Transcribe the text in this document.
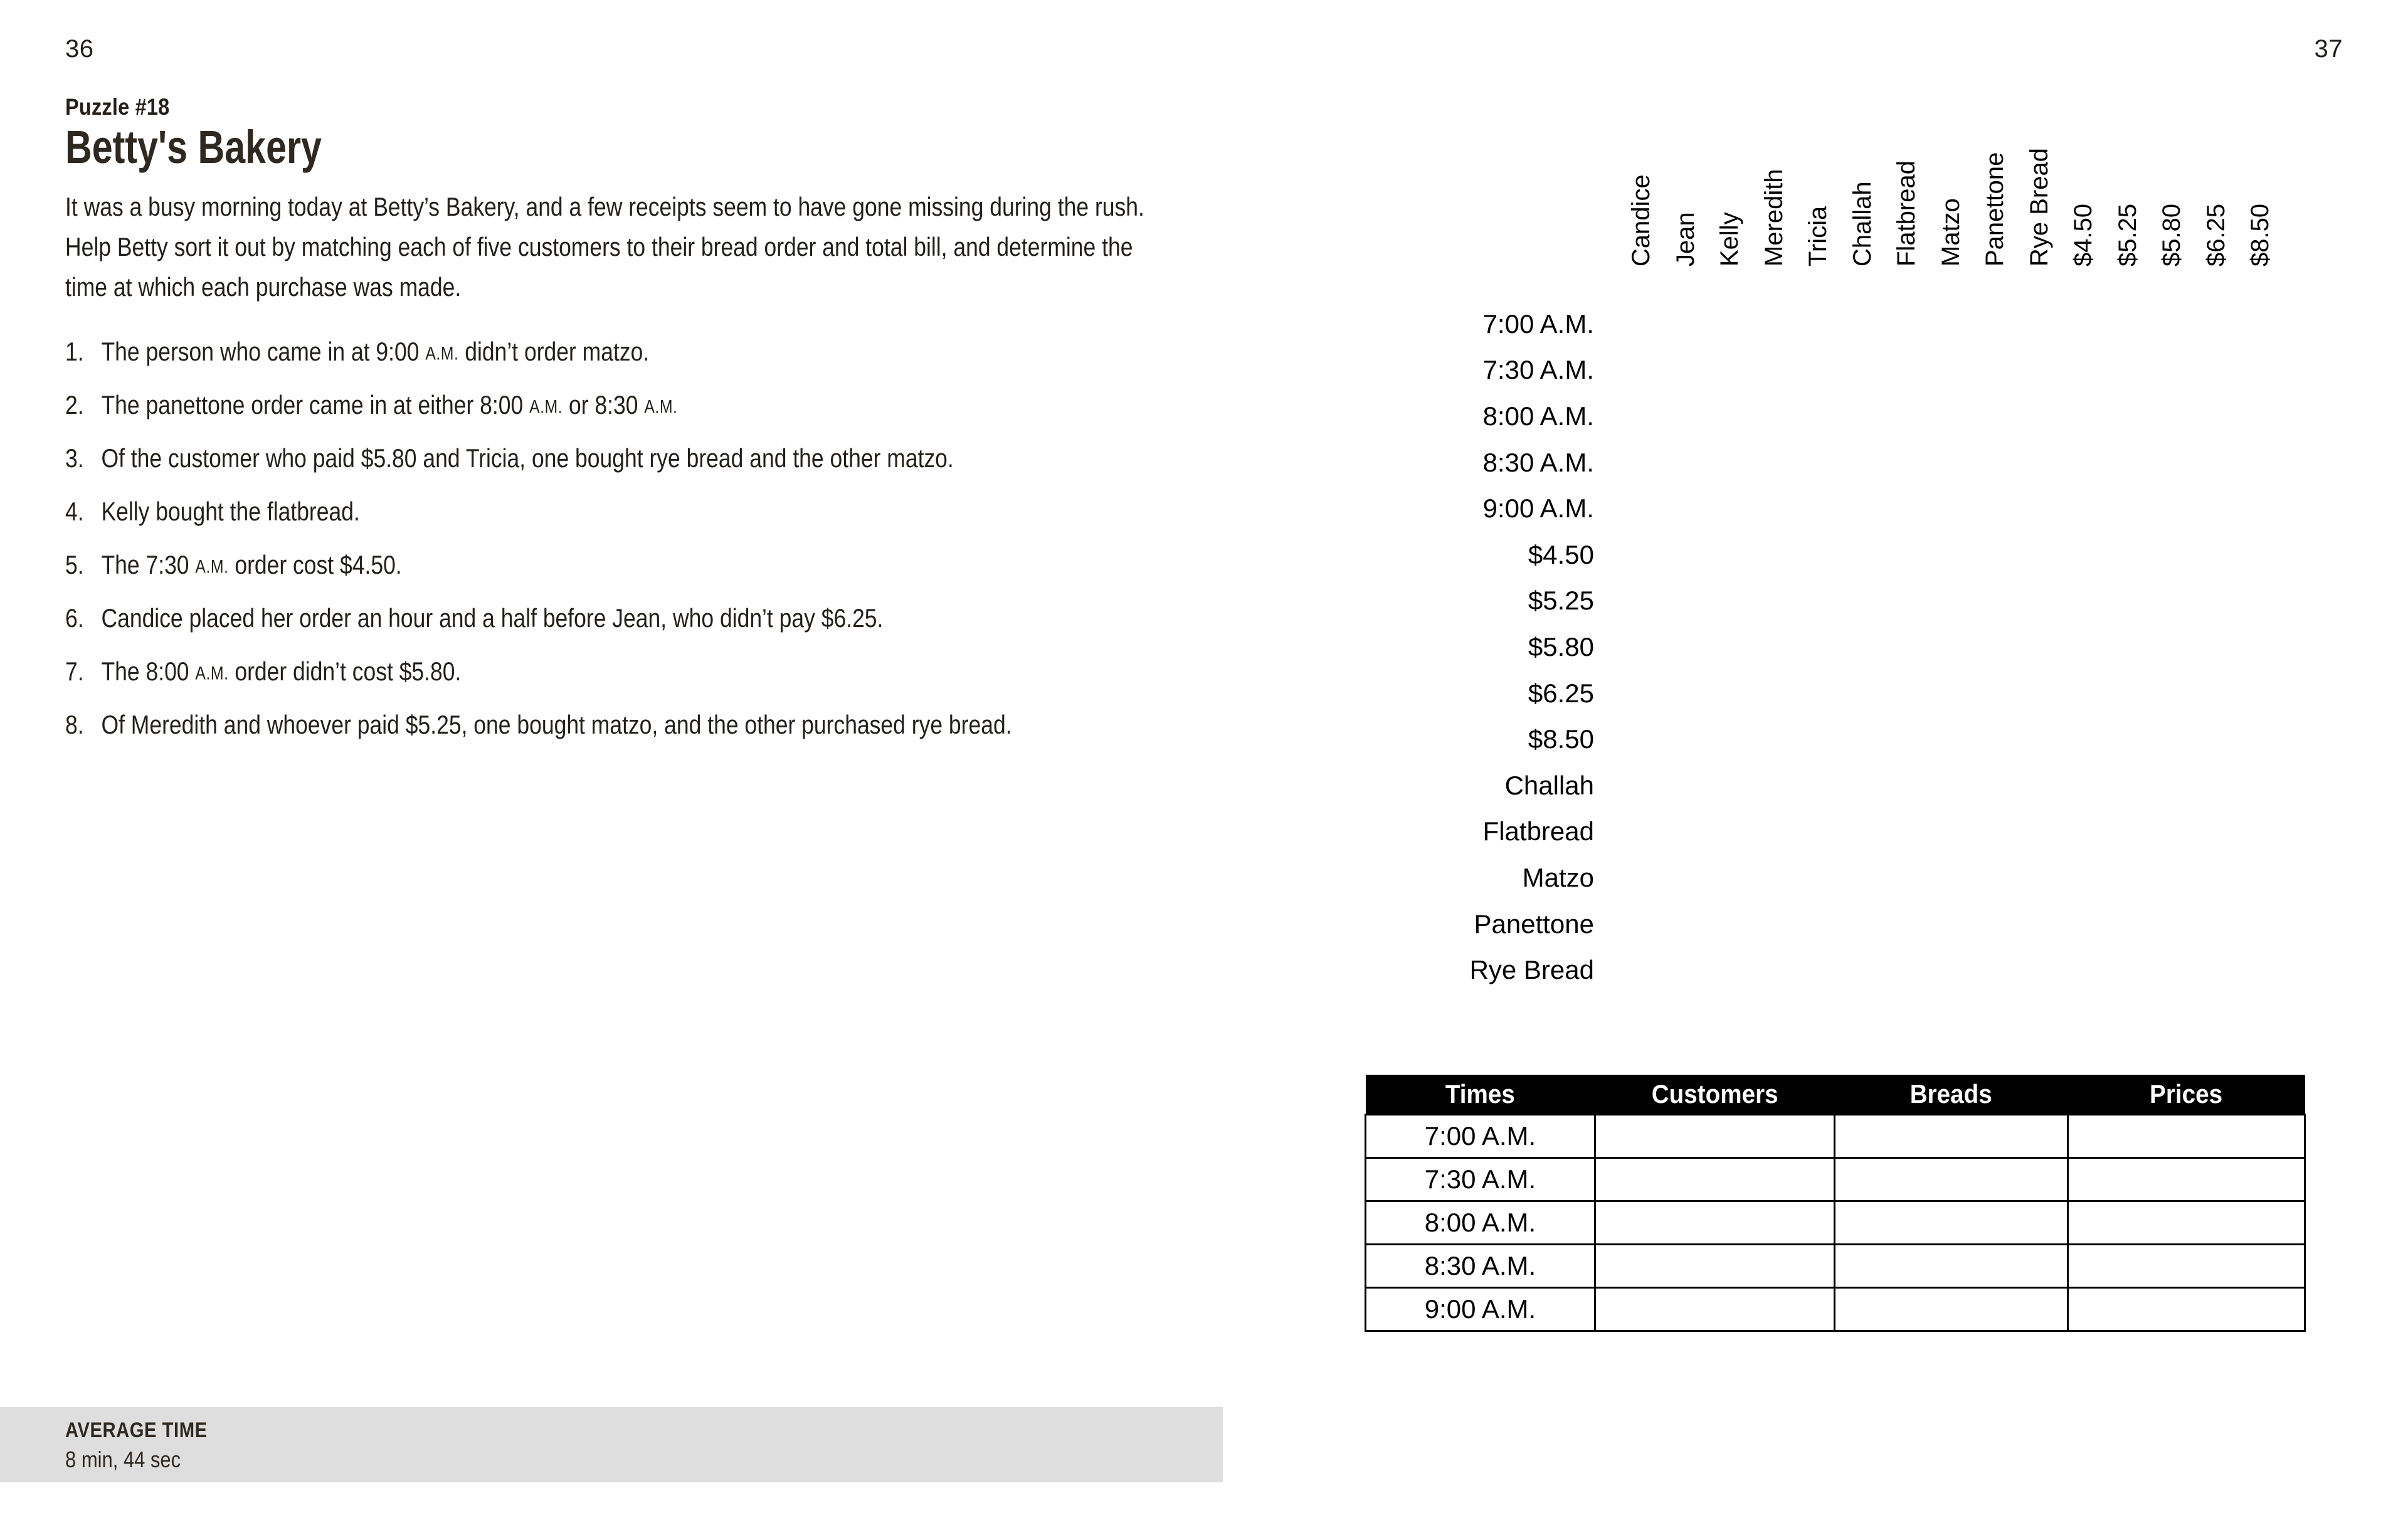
36	37
Puzzle #18
Betty's Bakery
It was a busy morning today at Betty’s Bakery, and a few receipts seem to have gone missing during the rush. Help Betty sort it out by matching each of five customers to their bread order and total bill, and determine the time at which each purchase was made.
1. The person who came in at 9:00 A.M. didn’t order matzo.
2. The panettone order came in at either 8:00 A.M. or 8:30 A.M.
3. Of the customer who paid $5.80 and Tricia, one bought rye bread and the other matzo.
4. Kelly bought the flatbread.
5. The 7:30 A.M. order cost $4.50.
6. Candice placed her order an hour and a half before Jean, who didn’t pay $6.25.
7. The 8:00 A.M. order didn’t cost $5.80.
8. Of Meredith and whoever paid $5.25, one bought matzo, and the other purchased rye bread.
		Customers					Breads					Prices				

		Candice	Jean	Kelly	Meredith	Tricia	Challah	Flatbread	Matzo	Panettone	Rye Bread	$4.50	$5.25	$5.80	$6.25	$8.50

Times	7:00 A.M.															
	7:30 A.M.															
	8:00 A.M.															
	8:30 A.M.															
	9:00 A.M.															

Prices	$4.50															
	$5.25															
	$5.80															
	$6.25															
	$8.50															

Breads	Challah															
	Flatbread															
	Matzo															
	Panettone															
	Rye Bread															
Times	Customers	Breads	Prices
7:00 A.M.			
7:30 A.M.			
8:00 A.M.			
8:30 A.M.			
9:00 A.M.			
AVERAGE TIME
8 min, 44 sec
